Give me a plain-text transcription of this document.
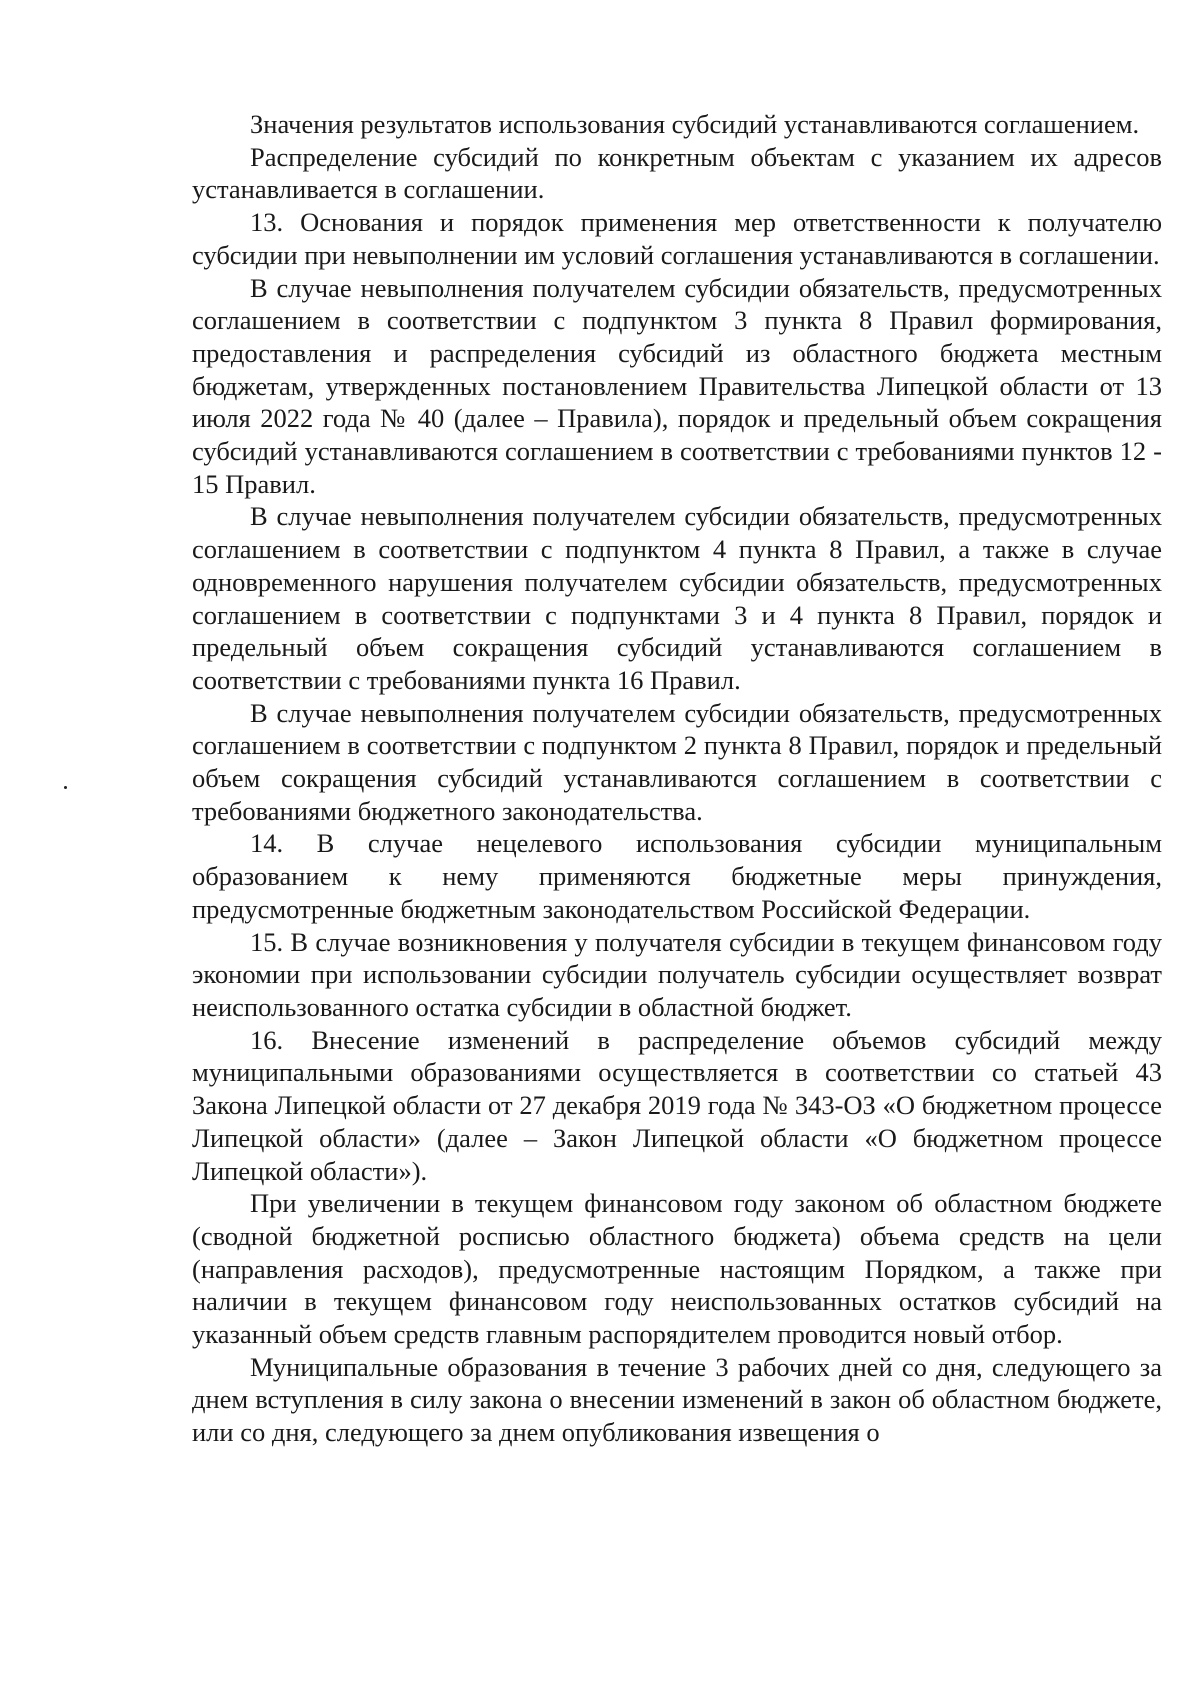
Значения результатов использования субсидий устанавливаются соглашением.

Распределение субсидий по конкретным объектам с указанием их адресов устанавливается в соглашении.

13. Основания и порядок применения мер ответственности к получателю субсидии при невыполнении им условий соглашения устанавливаются в соглашении.

В случае невыполнения получателем субсидии обязательств, предусмотренных соглашением в соответствии с подпунктом 3 пункта 8 Правил формирования, предоставления и распределения субсидий из областного бюджета местным бюджетам, утвержденных постановлением Правительства Липецкой области от 13 июля 2022 года № 40 (далее – Правила), порядок и предельный объем сокращения субсидий устанавливаются соглашением в соответствии с требованиями пунктов 12 - 15 Правил.

В случае невыполнения получателем субсидии обязательств, предусмотренных соглашением в соответствии с подпунктом 4 пункта 8 Правил, а также в случае одновременного нарушения получателем субсидии обязательств, предусмотренных соглашением в соответствии с подпунктами 3 и 4 пункта 8 Правил, порядок и предельный объем сокращения субсидий устанавливаются соглашением в соответствии с требованиями пункта 16 Правил.

В случае невыполнения получателем субсидии обязательств, предусмотренных соглашением в соответствии с подпунктом 2 пункта 8 Правил, порядок и предельный объем сокращения субсидий устанавливаются соглашением в соответствии с требованиями бюджетного законодательства.

14. В случае нецелевого использования субсидии муниципальным образованием к нему применяются бюджетные меры принуждения, предусмотренные бюджетным законодательством Российской Федерации.

15. В случае возникновения у получателя субсидии в текущем финансовом году экономии при использовании субсидии получатель субсидии осуществляет возврат неиспользованного остатка субсидии в областной бюджет.

16. Внесение изменений в распределение объемов субсидий между муниципальными образованиями осуществляется в соответствии со статьей 43 Закона Липецкой области от 27 декабря 2019 года № 343-ОЗ «О бюджетном процессе Липецкой области» (далее – Закон Липецкой области «О бюджетном процессе Липецкой области»).

При увеличении в текущем финансовом году законом об областном бюджете (сводной бюджетной росписью областного бюджета) объема средств на цели (направления расходов), предусмотренные настоящим Порядком, а также при наличии в текущем финансовом году неиспользованных остатков субсидий на указанный объем средств главным распорядителем проводится новый отбор.

Муниципальные образования в течение 3 рабочих дней со дня, следующего за днем вступления в силу закона о внесении изменений в закон об областном бюджете, или со дня, следующего за днем опубликования извещения о
